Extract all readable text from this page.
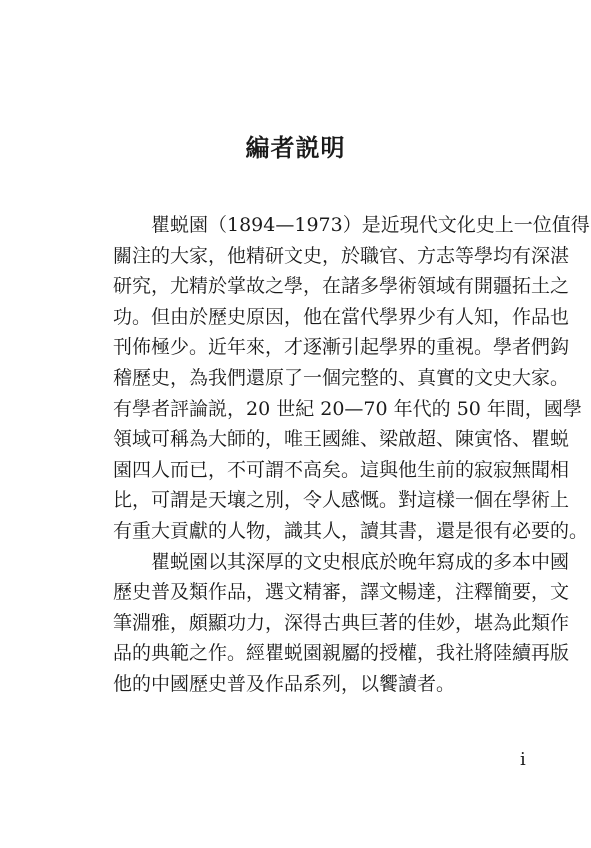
編者説明

　　瞿蜕園（1894—1973）是近現代文化史上一位值得
關注的大家，他精研文史，於職官、方志等學均有深湛
研究，尤精於掌故之學，在諸多學術領域有開疆拓土之
功。但由於歷史原因，他在當代學界少有人知，作品也
刊佈極少。近年來，才逐漸引起學界的重視。學者們鈎
稽歷史，為我們還原了一個完整的、真實的文史大家。
有學者評論説，20 世紀 20—70 年代的 50 年間，國學
領域可稱為大師的，唯王國維、梁啟超、陳寅恪、瞿蜕
園四人而已，不可謂不高矣。這與他生前的寂寂無聞相
比，可謂是天壤之別，令人感慨。對這樣一個在學術上
有重大貢獻的人物，識其人，讀其書，還是很有必要的。

　　瞿蜕園以其深厚的文史根底於晚年寫成的多本中國
歷史普及類作品，選文精審，譯文暢達，注釋簡要，文
筆淵雅，頗顯功力，深得古典巨著的佳妙，堪為此類作
品的典範之作。經瞿蜕園親屬的授權，我社將陸續再版
他的中國歷史普及作品系列，以饗讀者。

i
